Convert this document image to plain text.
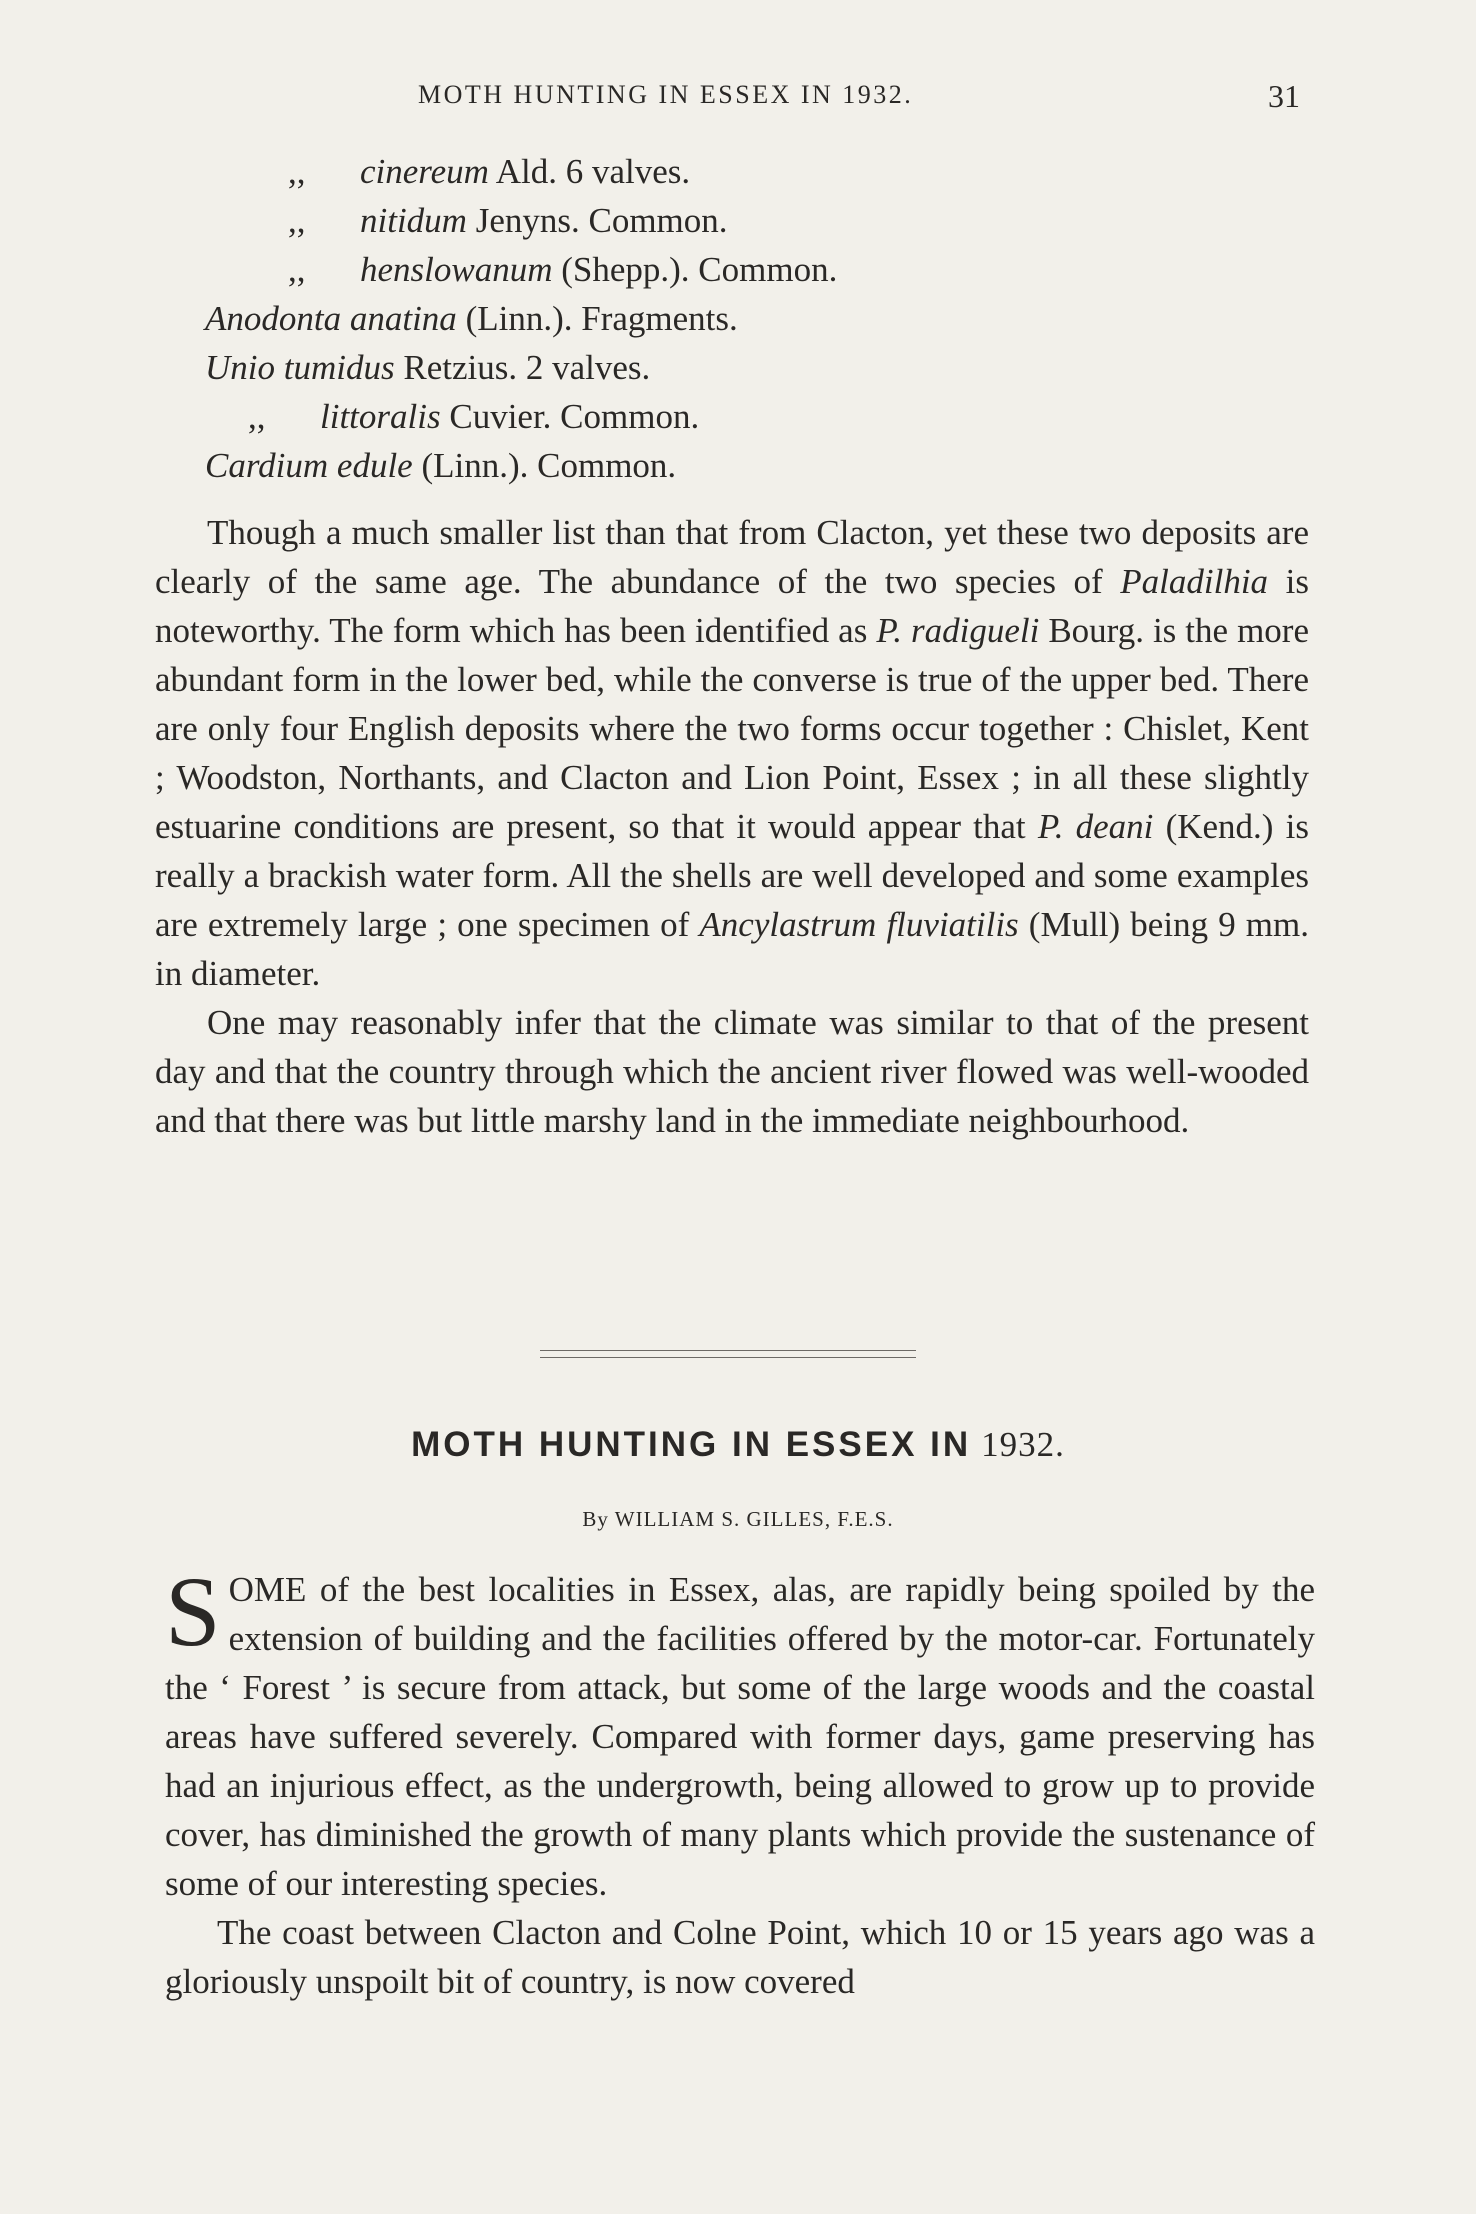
MOTH HUNTING IN ESSEX IN 1932.	31
,, cinereum Ald. 6 valves.
,, nitidum Jenyns. Common.
,, henslowanum (Shepp.). Common.
Anodonta anatina (Linn.). Fragments.
Unio tumidus Retzius. 2 valves.
,, littoralis Cuvier. Common.
Cardium edule (Linn.). Common.

Though a much smaller list than that from Clacton, yet these two deposits are clearly of the same age. The abundance of the two species of Paladilhia is noteworthy. The form which has been identified as P. radigueli Bourg. is the more abundant form in the lower bed, while the converse is true of the upper bed. There are only four English deposits where the two forms occur together : Chislet, Kent ; Woodston, Northants, and Clacton and Lion Point, Essex ; in all these slightly estuarine conditions are present, so that it would appear that P. deani (Kend.) is really a brackish water form. All the shells are well developed and some examples are extremely large ; one specimen of Ancylastrum fluviatilis (Mull) being 9 mm. in diameter.

One may reasonably infer that the climate was similar to that of the present day and that the country through which the ancient river flowed was well-wooded and that there was but little marshy land in the immediate neighbourhood.

MOTH HUNTING IN ESSEX IN 1932.
By WILLIAM S. GILLES, F.E.S.

SOME of the best localities in Essex, alas, are rapidly being spoiled by the extension of building and the facilities offered by the motor-car. Fortunately the ‘ Forest ’ is secure from attack, but some of the large woods and the coastal areas have suffered severely. Compared with former days, game preserving has had an injurious effect, as the undergrowth, being allowed to grow up to provide cover, has diminished the growth of many plants which provide the sustenance of some of our interesting species.

The coast between Clacton and Colne Point, which 10 or 15 years ago was a gloriously unspoilt bit of country, is now covered
